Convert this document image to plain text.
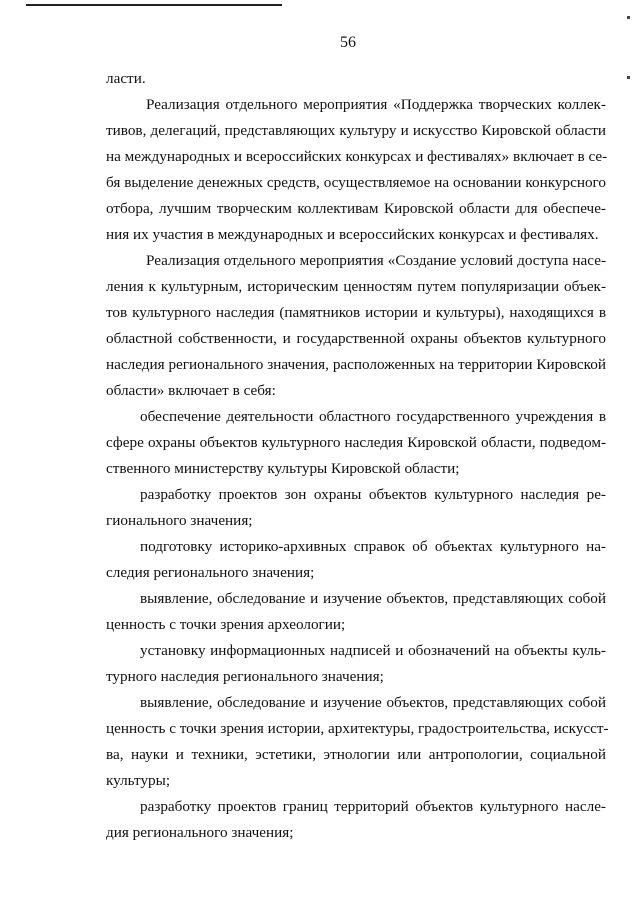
56
ласти.
Реализация отдельного мероприятия «Поддержка творческих коллек-
тивов, делегаций, представляющих культуру и искусство Кировской области
на международных и всероссийских конкурсах и фестивалях» включает в се-
бя выделение денежных средств, осуществляемое на основании конкурсного
отбора, лучшим творческим коллективам Кировской области для обеспече-
ния их участия в международных и всероссийских конкурсах и фестивалях.
Реализация отдельного мероприятия «Создание условий доступа насе-
ления к культурным, историческим ценностям путем популяризации объек-
тов культурного наследия (памятников истории и культуры), находящихся в
областной собственности, и государственной охраны объектов культурного
наследия регионального значения, расположенных на территории Кировской
области» включает в себя:
обеспечение деятельности областного государственного учреждения в
сфере охраны объектов культурного наследия Кировской области, подведом-
ственного министерству культуры Кировской области;
разработку проектов зон охраны объектов культурного наследия ре-
гионального значения;
подготовку историко-архивных справок об объектах культурного на-
следия регионального значения;
выявление, обследование и изучение объектов, представляющих собой
ценность с точки зрения археологии;
установку информационных надписей и обозначений на объекты куль-
турного наследия регионального значения;
выявление, обследование и изучение объектов, представляющих собой
ценность с точки зрения истории, архитектуры, градостроительства, искусст-
ва, науки и техники, эстетики, этнологии или антропологии, социальной
культуры;
разработку проектов границ территорий объектов культурного насле-
дия регионального значения;
